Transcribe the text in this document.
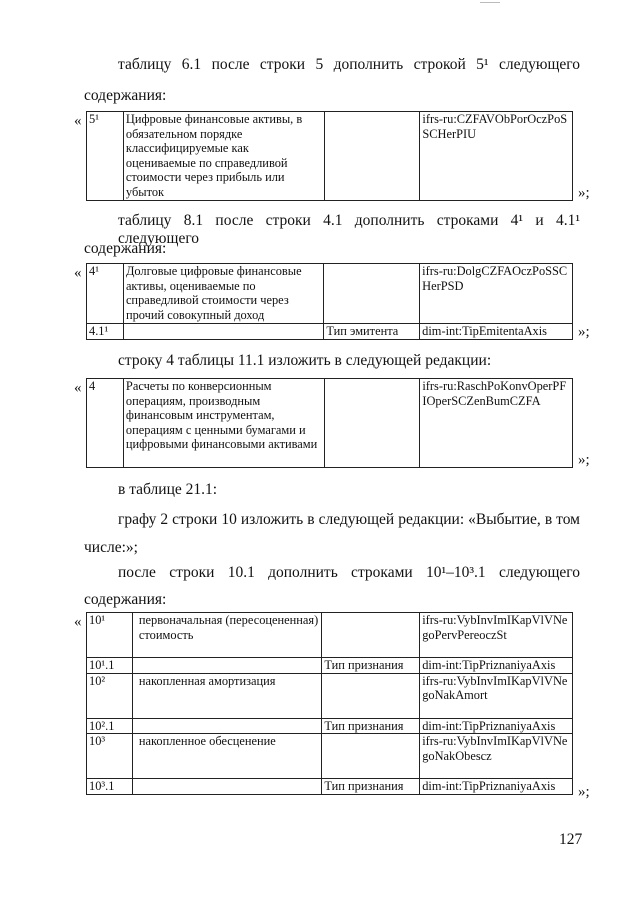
таблицу 6.1 после строки 5 дополнить строкой 5¹ следующего
содержания:
« 5¹	Цифровые финансовые активы, в обязательном порядке классифицируемые как оцениваемые по справедливой стоимости через прибыль или убыток		ifrs-ru:CZFAVObPorOczPoSSCHerPIU
»;
таблицу 8.1 после строки 4.1 дополнить строками 4¹ и 4.1¹ следующего
содержания:
« 4¹	Долговые цифровые финансовые активы, оцениваемые по справедливой стоимости через прочий совокупный доход		ifrs-ru:DolgCZFAOczPoSSCHerPSD
4.1¹		Тип эмитента	dim-int:TipEmitentaAxis »;
строку 4 таблицы 11.1 изложить в следующей редакции:
« 4	Расчеты по конверсионным операциям, производным финансовым инструментам, операциям с ценными бумагами и цифровыми финансовыми активами		ifrs-ru:RaschPoKonvOperPFIOperSCZenBumCZFA
»;
в таблице 21.1:
графу 2 строки 10 изложить в следующей редакции: «Выбытие, в том
числе:»;
после строки 10.1 дополнить строками 10¹–10³.1 следующего
содержания:
« 10¹	первоначальная (пересоцененная) стоимость		ifrs-ru:VybInvImIKapVlVNegoPervPereoczSt
10¹.1		Тип признания	dim-int:TipPriznaniyaAxis
10²	накопленная амортизация		ifrs-ru:VybInvImIKapVlVNegoNakAmort
10².1		Тип признания	dim-int:TipPriznaniyaAxis
10³	накопленное обесценение		ifrs-ru:VybInvImIKapVlVNegoNakObescz
10³.1		Тип признания	dim-int:TipPriznaniyaAxis »;
127
